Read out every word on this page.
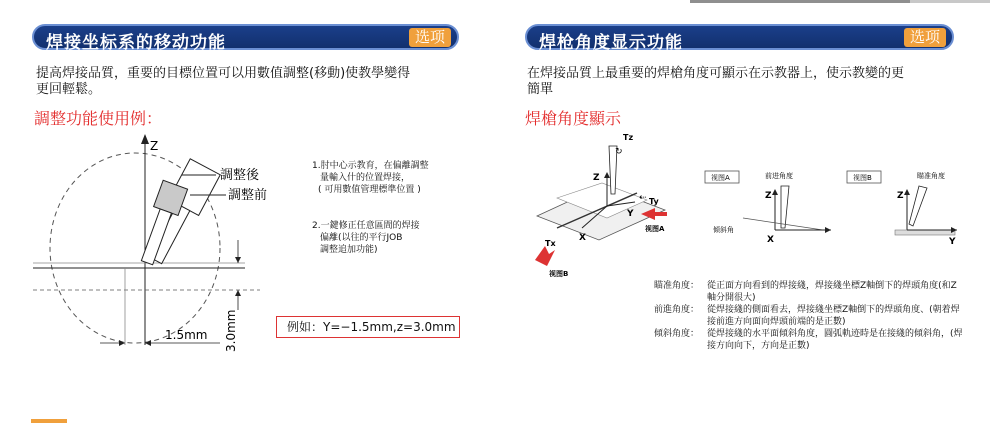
焊接坐标系的移动功能	选项
提高焊接品質，重要的目標位置可以用數值調整(移動)使教學變得
更回輕鬆。
調整功能使用例：
Z
調整後
調整前
3.0mm
1.5mm
1.肘中心示教育，在偏離調整
量輸入什的位置焊接，
( 可用數值管理標準位置 )
2.一鍵修正任意區間的焊接
偏離(以往的平行JOB
調整追加功能)
例如：Y=−1.5mm,z=3.0mm
焊枪角度显示功能	选项
在焊接品質上最重要的焊槍角度可顯示在示教器上，使示教變的更
簡單
焊槍角度顯示
Tz
↻
Z
Y
X
⇠ Ty
Tx
视图A
视图B
视图A	前进角度
Z
X
倾斜角
视图B	瞄准角度
Z
Y
瞄准角度： 從正面方向看到的焊接綫，焊接綫坐標Z軸倒下的焊頭角度(和Z軸分開很大)
前進角度： 從焊接綫的側面看去，焊接綫坐標Z軸倒下的焊頭角度、(朝着焊接前進方向面向焊頭前端的是正數)
傾斜角度： 從焊接綫的水平面傾斜角度，圓弧軌迹時是在接綫的傾斜角，(焊接方向向下，方向是正數)
